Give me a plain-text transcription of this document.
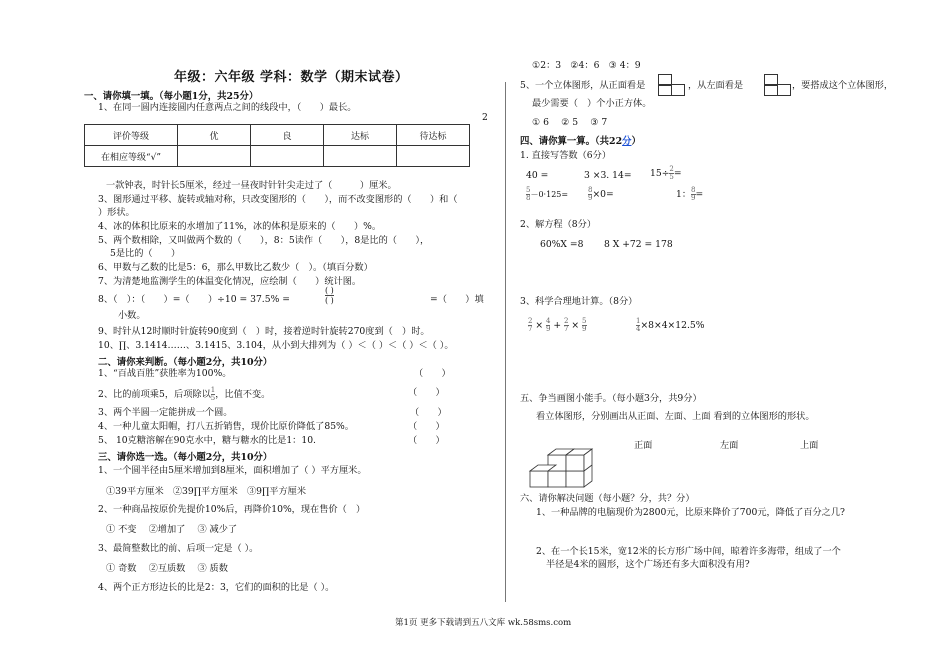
年级：六年级 学科：数学（期末试卷）
2
一、请你填一填。（每小题1分，共25分）
1、在同一圆内连接圆内任意两点之间的线段中，（　　）最长。
评价等级	优	良	达标	待达标
在相应等级“√”				
一款钟表，时针长5厘米，经过一昼夜时针针尖走过了（　　　）厘米。
3、图形通过平移、旋转或轴对称，只改变图形的（　　），而不改变图形的（　　）和（
）形状。
4、冰的体积比原来的水增加了11%，冰的体积是原来的（　　）%。
5、两个数相除，又叫做两个数的（　　），8：5读作（　　），8是比的（　　），
5是比的（　　）
6、甲数与乙数的比是5：6，那么甲数比乙数少（　）。（填百分数）
7、为清楚地监测学生的体温变化情况，应绘制（　　）统计图。
8、（　）：（　　）=（　　）÷10 = 37.5% =
( )
( )	=（　　）填
小数。
9、时针从12时顺时针旋转90度到（　）时，接着逆时针旋转270度到（　）时。
10、∏、3.1414……、3.1415、3.104，从小到大排列为（ ）＜（ ）＜（ ）＜（ ）。
二、请你来判断。（每小题2分，共10分）
1、“百战百胜”获胜率为100%。	（　　）
2、比的前项乘5，后项除以 $\frac{1}{5}$ ，比值不变。	（　　）
3、两个半圆一定能拼成一个圆。	（　　）
4、一种儿童太阳帽，打八五折销售，现价比原价降低了85%。	（　　）
5、 10克糖溶解在90克水中，糖与糖水的比是1：10.	（　　）
三、请你选一选。（每小题2分，共10分）
1、一个圆半径由5厘米增加到8厘米，面积增加了（ ）平方厘米。
①39平方厘米　②39∏平方厘米　③9∏平方厘米
2、一种商品按原价先提价10%后，再降价10%，现在售价（　）
① 不变　 ②增加了　 ③ 减少了
3、最简整数比的前、后项一定是（ ）。
① 奇数　 ②互质数　 ③ 质数
4、两个正方形边长的比是2：3，它们的面积的比是（ ）。
①2：3　②4：6　③ 4：9
5、一个立体图形，从正面看是	，从左面看是	，要搭成这个立体图形，
最少需要（　）个小正方体。
① 6　 ② 5　 ③ 7
四、请你算一算。（共22分）
1. 直接写答数（6分）
40 =	3 ×3. $14= 15\div \frac{2}{5}$ =
$\frac{5}{8} -0\cdot 125=$	$\frac{8}{9} \times 0=$	1： $\frac{8}{9}$ =
2、解方程（8分）
60%X =8 8 X +72 = 178
3、科学合理地计算。（8分）
$\frac{2}{7} \times \frac{4}{9} + \frac{2}{7} \times \frac{5}{9}$	$\frac{1}{4} \times 8\times 4\times 12.5\%$
五、争当画图小能手。（每小题3分，共9分）
看立体图形，分别画出从正面、左面、上面 看到的立体图形的形状。
正面	左面	上面
六、请你解决问题（每小题？分，共？分）
1、一种品牌的电脑现价为2800元，比原来降价了700元，降低了百分之几?
2、在一个长15米，宽12米的长方形广场中间，晾着许多海带，组成了一个
半径是4米的圆形，这个广场还有多大面积没有用?
第1页 更多下载请到五八文库 wk.58sms.com
